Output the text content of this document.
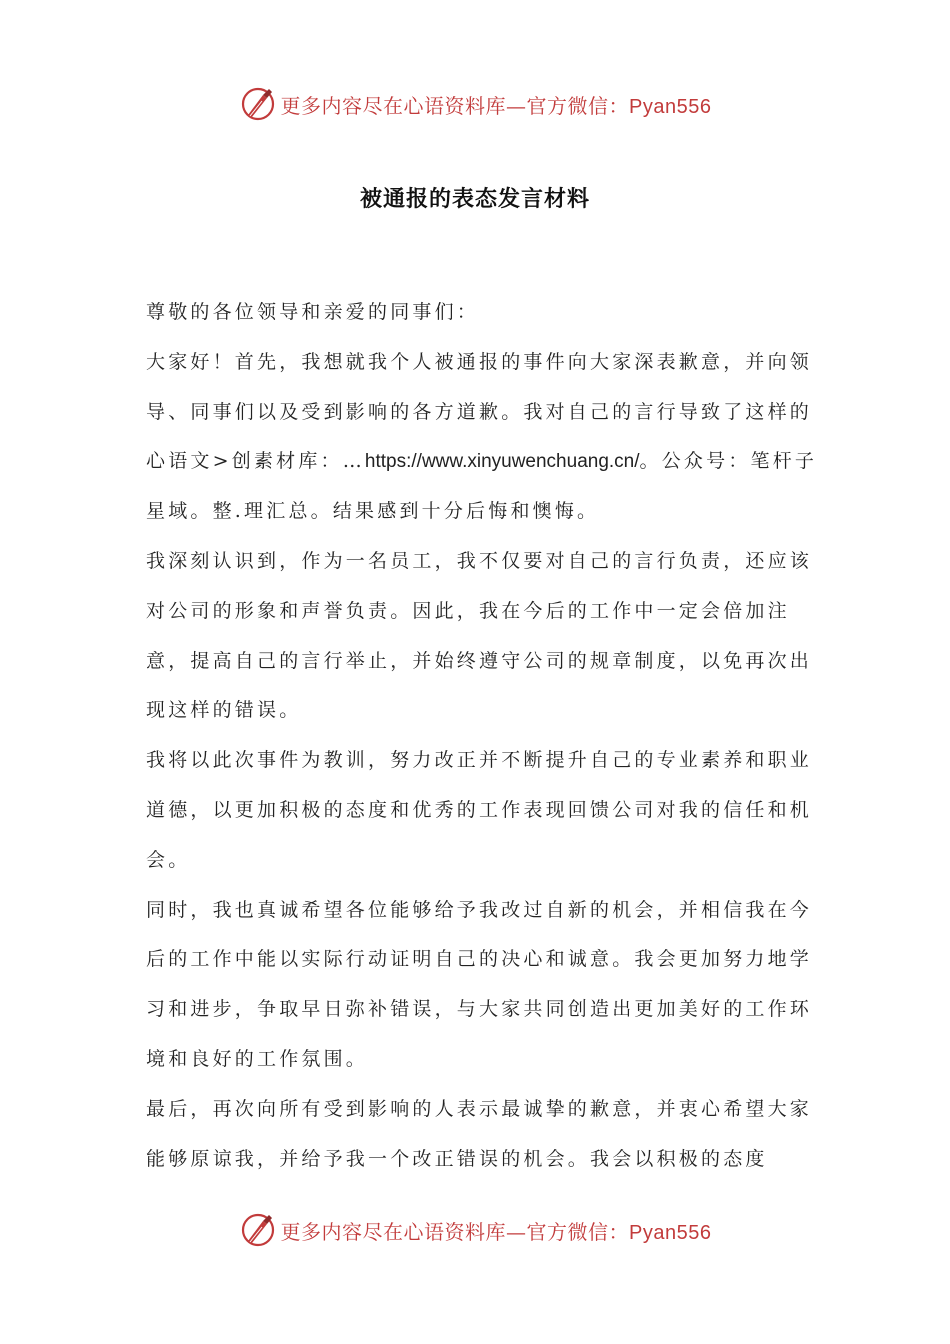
更多内容尽在心语资料库—官方微信：Pyan556
被通报的表态发言材料

尊敬的各位领导和亲爱的同事们：

大家好！首先，我想就我个人被通报的事件向大家深表歉意，并向领导、同事们以及受到影响的各方道歉。我对自己的言行导致了这样的心语文>创素材库：…https://www.xinyuwenchuang.cn/。公众号：笔杆子星域。整.理汇总。结果感到十分后悔和懊悔。

我深刻认识到，作为一名员工，我不仅要对自己的言行负责，还应该对公司的形象和声誉负责。因此，我在今后的工作中一定会倍加注意，提高自己的言行举止，并始终遵守公司的规章制度，以免再次出现这样的错误。

我将以此次事件为教训，努力改正并不断提升自己的专业素养和职业道德，以更加积极的态度和优秀的工作表现回馈公司对我的信任和机会。

同时，我也真诚希望各位能够给予我改过自新的机会，并相信我在今后的工作中能以实际行动证明自己的决心和诚意。我会更加努力地学习和进步，争取早日弥补错误，与大家共同创造出更加美好的工作环境和良好的工作氛围。

最后，再次向所有受到影响的人表示最诚挚的歉意，并衷心希望大家能够原谅我，并给予我一个改正错误的机会。我会以积极的态度

更多内容尽在心语资料库—官方微信：Pyan556
